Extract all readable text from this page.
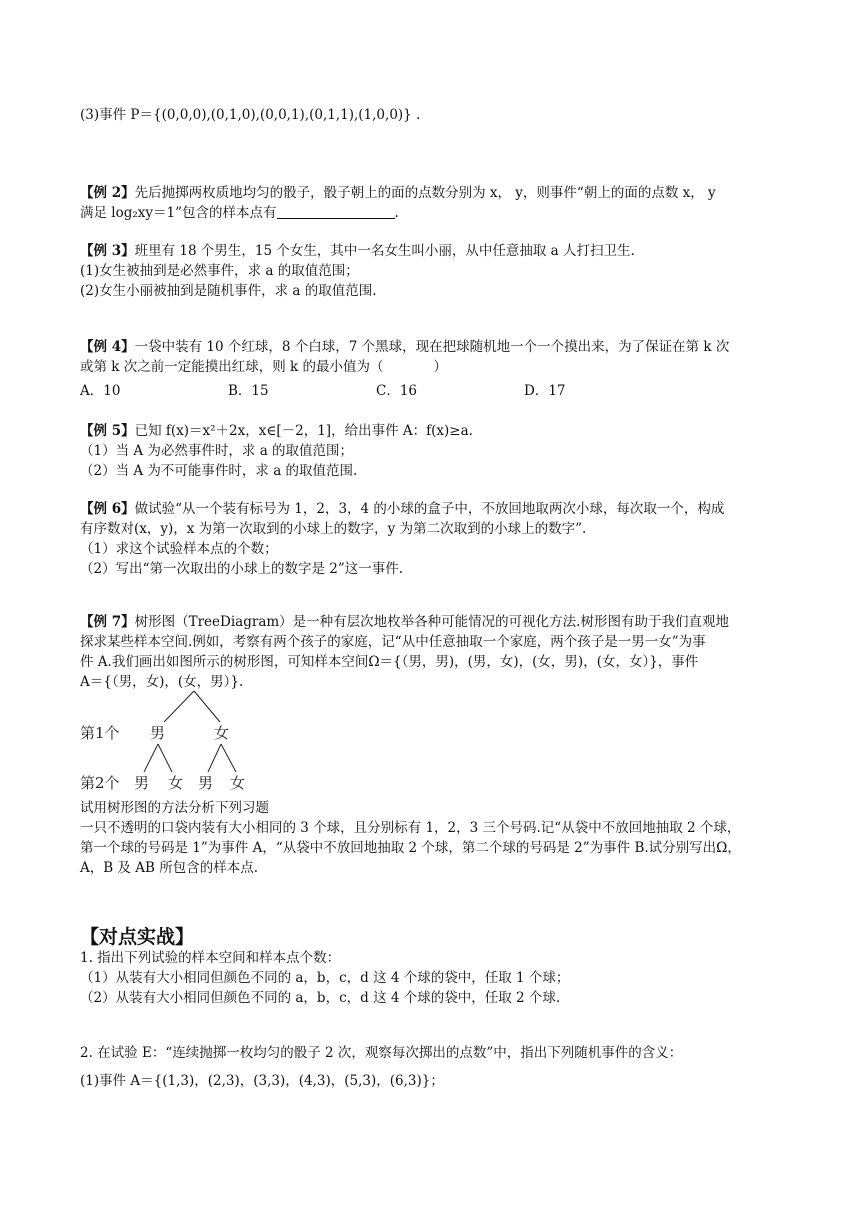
(3)事件 P＝{(0,0,0),(0,1,0),(0,0,1),(0,1,1),(1,0,0)} .
【例 2】先后抛掷两枚质地均匀的骰子，骰子朝上的面的点数分别为 x， y，则事件“朝上的面的点数 x， y
满足 log₂xy＝1”包含的样本点有	.
【例 3】班里有 18 个男生，15 个女生，其中一名女生叫小丽，从中任意抽取 a 人打扫卫生.
(1)女生被抽到是必然事件，求 a 的取值范围；
(2)女生小丽被抽到是随机事件，求 a 的取值范围.
【例 4】一袋中装有 10 个红球，8 个白球，7 个黑球，现在把球随机地一个一个摸出来，为了保证在第 k 次
或第 k 次之前一定能摸出红球，则 k 的最小值为（	）
A．10	B．15	C．16	D．17
【例 5】已知 f(x)＝x²＋2x，x∈[－2，1]，给出事件 A：f(x)≥a.
（1）当 A 为必然事件时，求 a 的取值范围；
（2）当 A 为不可能事件时，求 a 的取值范围.
【例 6】做试验“从一个装有标号为 1，2，3，4 的小球的盒子中，不放回地取两次小球，每次取一个，构成
有序数对(x，y)，x 为第一次取到的小球上的数字，y 为第二次取到的小球上的数字”.
（1）求这个试验样本点的个数；
（2）写出“第一次取出的小球上的数字是 2”这一事件.
【例 7】树形图（TreeDiagram）是一种有层次地枚举各种可能情况的可视化方法.树形图有助于我们直观地
探求某些样本空间.例如，考察有两个孩子的家庭，记“从中任意抽取一个家庭，两个孩子是一男一女”为事
件 A.我们画出如图所示的树形图，可知样本空间Ω＝{（男，男)，(男，女)，(女，男)，(女，女）}，事件
A＝{（男，女)，(女，男）}.
第1个 男	女
第2个 男 女 男 女
试用树形图的方法分析下列习题
一只不透明的口袋内装有大小相同的 3 个球，且分别标有 1，2，3 三个号码.记“从袋中不放回地抽取 2 个球，
第一个球的号码是 1”为事件 A，“从袋中不放回地抽取 2 个球，第二个球的号码是 2”为事件 B.试分别写出Ω，
A，B 及 AB 所包含的样本点.
【对点实战】
1. 指出下列试验的样本空间和样本点个数：
（1）从装有大小相同但颜色不同的 a，b，c，d 这 4 个球的袋中，任取 1 个球；
（2）从装有大小相同但颜色不同的 a，b，c，d 这 4 个球的袋中，任取 2 个球.
2. 在试验 E：“连续抛掷一枚均匀的骰子 2 次，观察每次掷出的点数”中，指出下列随机事件的含义：
(1)事件 A＝{(1,3)，(2,3)，(3,3)，(4,3)，(5,3)，(6,3)}；
